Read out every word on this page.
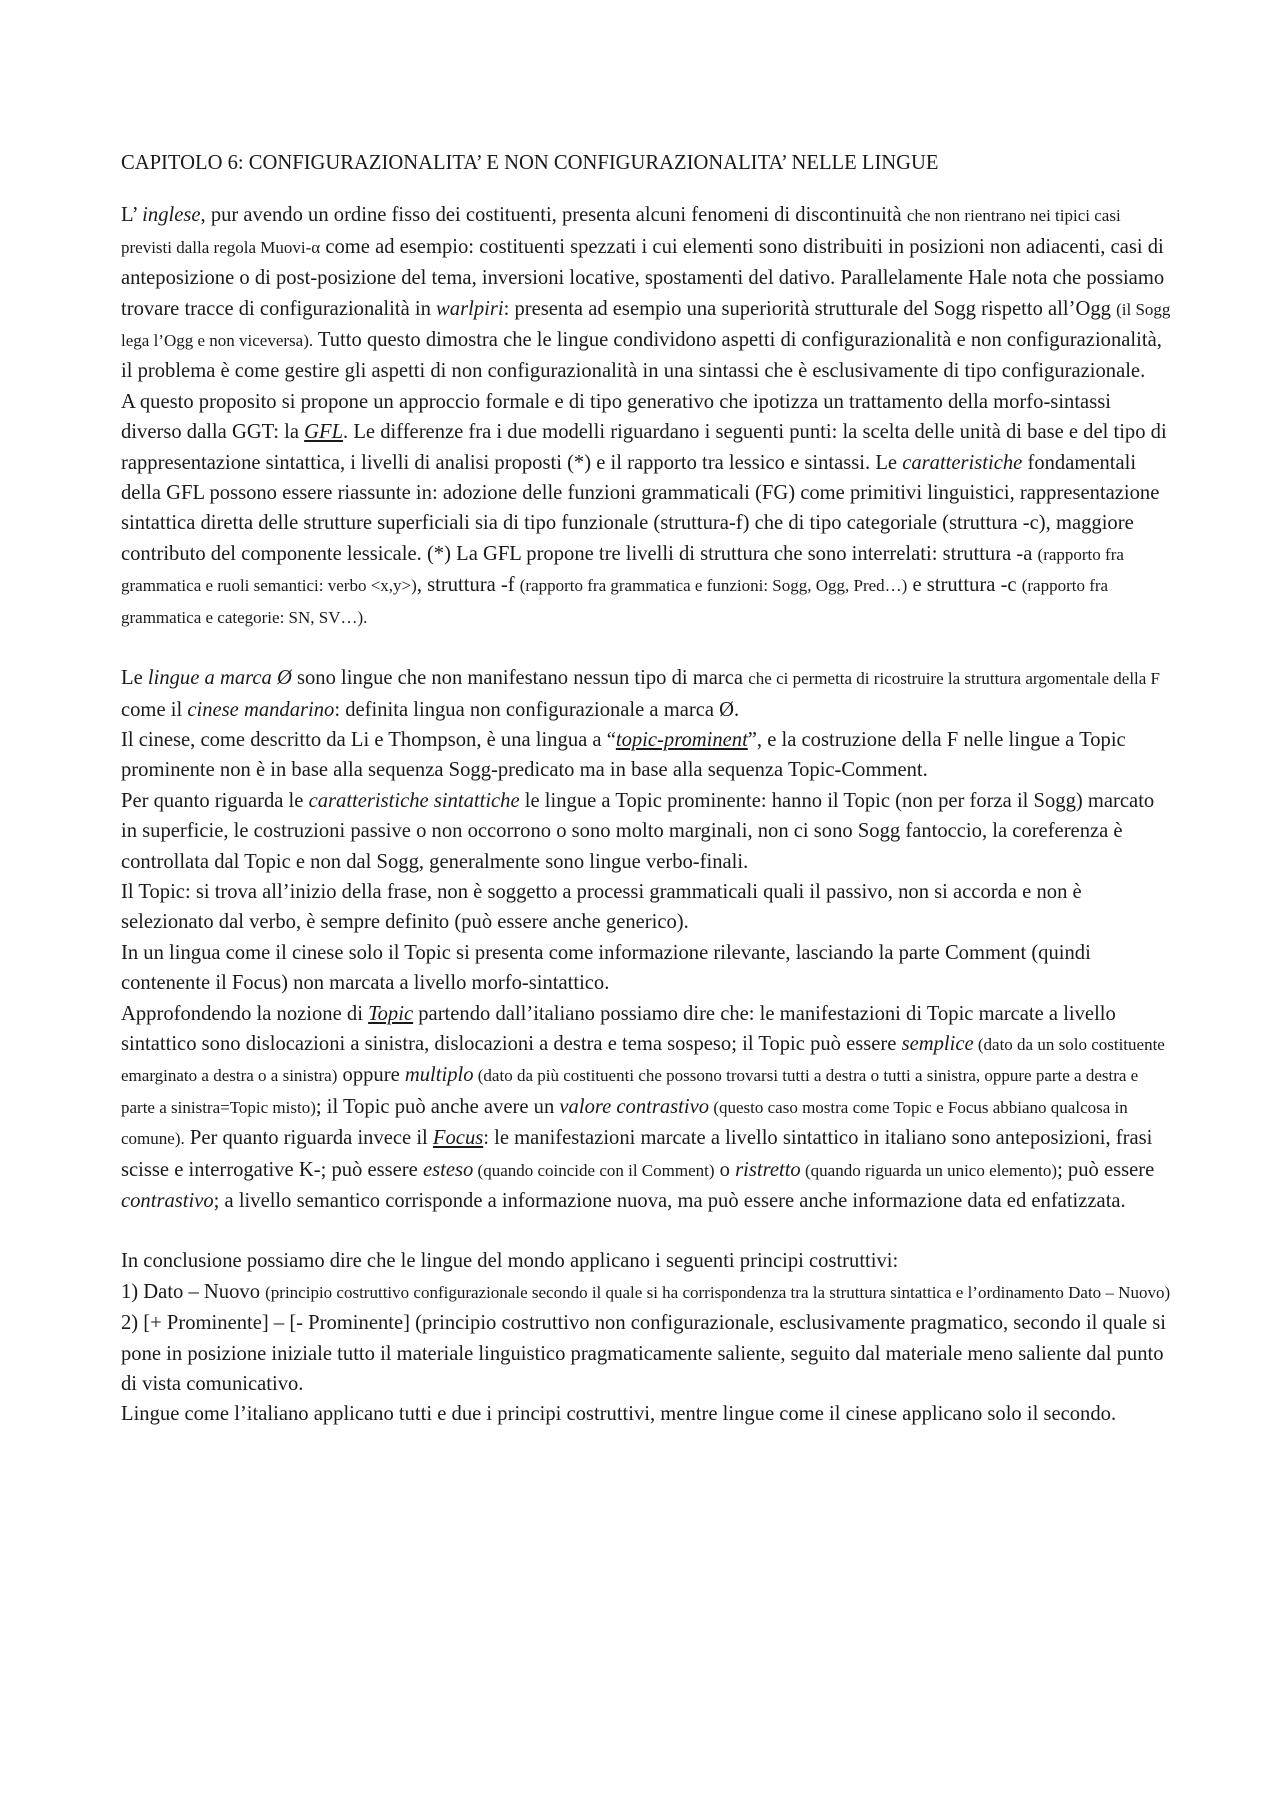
CAPITOLO 6: CONFIGURAZIONALITA’ E NON CONFIGURAZIONALITA’ NELLE LINGUE

L’ inglese, pur avendo un ordine fisso dei costituenti, presenta alcuni fenomeni di discontinuità che non rientrano nei tipici casi previsti dalla regola Muovi-α come ad esempio: costituenti spezzati i cui elementi sono distribuiti in posizioni non adiacenti, casi di anteposizione o di post-posizione del tema, inversioni locative, spostamenti del dativo. Parallelamente Hale nota che possiamo trovare tracce di configurazionalità in warlpiri: presenta ad esempio una superiorità strutturale del Sogg rispetto all’Ogg (il Sogg lega l’Ogg e non viceversa). Tutto questo dimostra che le lingue condividono aspetti di configurazionalità e non configurazionalità, il problema è come gestire gli aspetti di non configurazionalità in una sintassi che è esclusivamente di tipo configurazionale.

A questo proposito si propone un approccio formale e di tipo generativo che ipotizza un trattamento della morfo-sintassi diverso dalla GGT: la GFL. Le differenze fra i due modelli riguardano i seguenti punti: la scelta delle unità di base e del tipo di rappresentazione sintattica, i livelli di analisi proposti (*) e il rapporto tra lessico e sintassi. Le caratteristiche fondamentali della GFL possono essere riassunte in: adozione delle funzioni grammaticali (FG) come primitivi linguistici, rappresentazione sintattica diretta delle strutture superficiali sia di tipo funzionale (struttura-f) che di tipo categoriale (struttura -c), maggiore contributo del componente lessicale. (*) La GFL propone tre livelli di struttura che sono interrelati: struttura -a (rapporto fra grammatica e ruoli semantici: verbo <x,y>), struttura -f (rapporto fra grammatica e funzioni: Sogg, Ogg, Pred…) e struttura -c (rapporto fra grammatica e categorie: SN, SV…).

Le lingue a marca Ø sono lingue che non manifestano nessun tipo di marca che ci permetta di ricostruire la struttura argomentale della F come il cinese mandarino: definita lingua non configurazionale a marca Ø.

Il cinese, come descritto da Li e Thompson, è una lingua a “topic-prominent”, e la costruzione della F nelle lingue a Topic prominente non è in base alla sequenza Sogg-predicato ma in base alla sequenza Topic-Comment.

Per quanto riguarda le caratteristiche sintattiche le lingue a Topic prominente: hanno il Topic (non per forza il Sogg) marcato in superficie, le costruzioni passive o non occorrono o sono molto marginali, non ci sono Sogg fantoccio, la coreferenza è controllata dal Topic e non dal Sogg, generalmente sono lingue verbo-finali.

Il Topic: si trova all’inizio della frase, non è soggetto a processi grammaticali quali il passivo, non si accorda e non è selezionato dal verbo, è sempre definito (può essere anche generico).

In un lingua come il cinese solo il Topic si presenta come informazione rilevante, lasciando la parte Comment (quindi contenente il Focus) non marcata a livello morfo-sintattico.

Approfondendo la nozione di Topic partendo dall’italiano possiamo dire che: le manifestazioni di Topic marcate a livello sintattico sono dislocazioni a sinistra, dislocazioni a destra e tema sospeso; il Topic può essere semplice (dato da un solo costituente emarginato a destra o a sinistra) oppure multiplo (dato da più costituenti che possono trovarsi tutti a destra o tutti a sinistra, oppure parte a destra e parte a sinistra=Topic misto); il Topic può anche avere un valore contrastivo (questo caso mostra come Topic e Focus abbiano qualcosa in comune). Per quanto riguarda invece il Focus: le manifestazioni marcate a livello sintattico in italiano sono anteposizioni, frasi scisse e interrogative K-; può essere esteso (quando coincide con il Comment) o ristretto (quando riguarda un unico elemento); può essere contrastivo; a livello semantico corrisponde a informazione nuova, ma può essere anche informazione data ed enfatizzata.

In conclusione possiamo dire che le lingue del mondo applicano i seguenti principi costruttivi:

1) Dato – Nuovo (principio costruttivo configurazionale secondo il quale si ha corrispondenza tra la struttura sintattica e l’ordinamento Dato – Nuovo)

2) [+ Prominente] – [- Prominente] (principio costruttivo non configurazionale, esclusivamente pragmatico, secondo il quale si pone in posizione iniziale tutto il materiale linguistico pragmaticamente saliente, seguito dal materiale meno saliente dal punto di vista comunicativo.

Lingue come l’italiano applicano tutti e due i principi costruttivi, mentre lingue come il cinese applicano solo il secondo.
